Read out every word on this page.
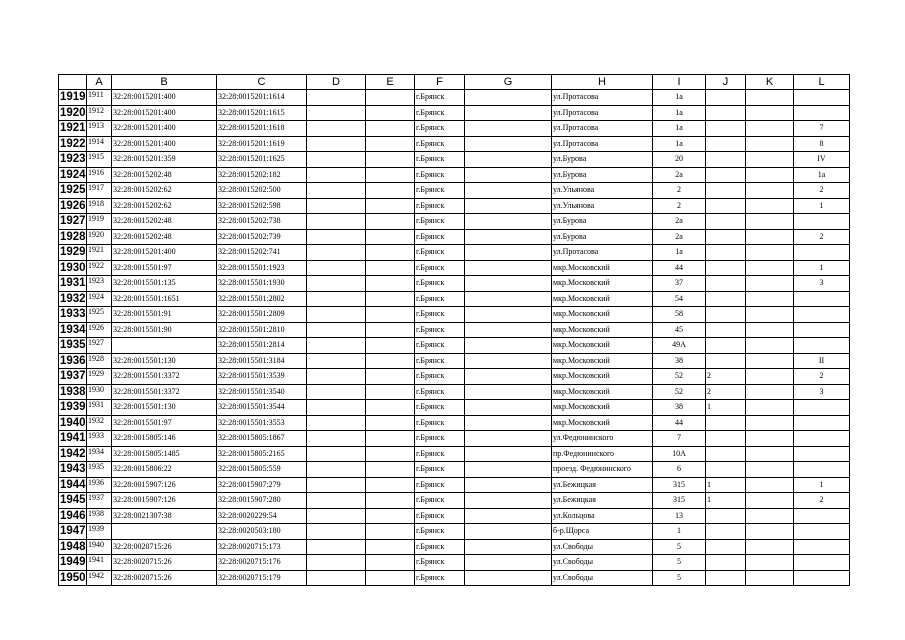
	A	B	C	D	E	F	G	H	I	J	K	L
1919	1911	32:28:0015201:400	32:28:0015201:1614			г.Брянск		ул.Протасова	1а			
1920	1912	32:28:0015201:400	32:28:0015201:1615			г.Брянск		ул.Протасова	1а			
1921	1913	32:28:0015201:400	32:28:0015201:1618			г.Брянск		ул.Протасова	1а			7
1922	1914	32:28:0015201:400	32:28:0015201:1619			г.Брянск		ул.Протасова	1а			8
1923	1915	32:28:0015201:359	32:28:0015201:1625			г.Брянск		ул.Бурова	20			IV
1924	1916	32:28:0015202:48	32:28:0015202:182			г.Брянск		ул.Бурова	2а			1а
1925	1917	32:28:0015202:62	32:28:0015202:500			г.Брянск		ул.Ульянова	2			2
1926	1918	32:28:0015202:62	32:28:0015202:598			г.Брянск		ул.Ульянова	2			1
1927	1919	32:28:0015202:48	32:28:0015202:738			г.Брянск		ул.Бурова	2а			
1928	1920	32:28:0015202:48	32:28:0015202:739			г.Брянск		ул.Бурова	2а			2
1929	1921	32:28:0015201:400	32:28:0015202:741			г.Брянск		ул.Протасова	1а			
1930	1922	32:28:0015501:97	32:28:0015501:1923			г.Брянск		мкр.Московский	44			1
1931	1923	32:28:0015501:135	32:28:0015501:1930			г.Брянск		мкр.Московский	37			3
1932	1924	32:28:0015501:1651	32:28:0015501:2802			г.Брянск		мкр.Московский	54			
1933	1925	32:28:0015501:91	32:28:0015501:2809			г.Брянск		мкр.Московский	58			
1934	1926	32:28:0015501:90	32:28:0015501:2810			г.Брянск		мкр.Московский	45			
1935	1927		32:28:0015501:2814			г.Брянск		мкр.Московский	49А			
1936	1928	32:28:0015501:130	32:28:0015501:3184			г.Брянск		мкр.Московский	38			II
1937	1929	32:28:0015501:3372	32:28:0015501:3539			г.Брянск		мкр.Московский	52	2		2
1938	1930	32:28:0015501:3372	32:28:0015501:3540			г.Брянск		мкр.Московский	52	2		3
1939	1931	32:28:0015501:130	32:28:0015501:3544			г.Брянск		мкр.Московский	38	1		
1940	1932	32:28:0015501:97	32:28:0015501:3553			г.Брянск		мкр.Московский	44			
1941	1933	32:28:0015805:146	32:28:0015805:1867			г.Брянск		ул.Федюнинского	7			
1942	1934	32:28:0015805:1485	32:28:0015805:2165			г.Брянск		пр.Федюнинского	10А			
1943	1935	32:28:0015806:22	32:28:0015805:559			г.Брянск		проезд. Федюнинского	6			
1944	1936	32:28:0015907:126	32:28:0015907:279			г.Брянск		ул.Бежицкая	315	1		1
1945	1937	32:28:0015907:126	32:28:0015907:280			г.Брянск		ул.Бежицкая	315	1		2
1946	1938	32:28:0021307:38	32:28:0020229:54			г.Брянск		ул.Кольцова	13			
1947	1939		32:28:0020503:180			г.Брянск		б-р.Щорса	1			
1948	1940	32:28:0020715:26	32:28:0020715:173			г.Брянск		ул.Свободы	5			
1949	1941	32:28:0020715:26	32:28:0020715:176			г.Брянск		ул.Свободы	5			
1950	1942	32:28:0020715:26	32:28:0020715:179			г.Брянск		ул.Свободы	5			
